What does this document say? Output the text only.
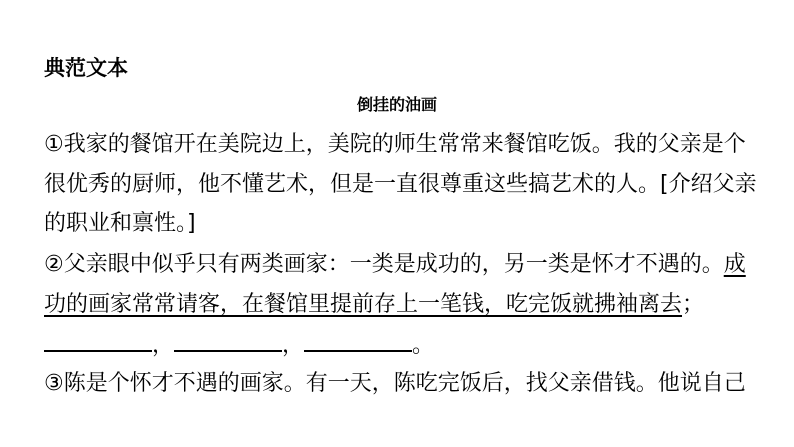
典范文本
倒挂的油画
①我家的餐馆开在美院边上，美院的师生常常来餐馆吃饭。我的父亲是个
很优秀的厨师，他不懂艺术，但是一直很尊重这些搞艺术的人。[介绍父亲
的职业和禀性。]
②父亲眼中似乎只有两类画家：一类是成功的，另一类是怀才不遇的。成
功的画家常常请客，在餐馆里提前存上一笔钱，吃完饭就拂袖离去；
，	，	。
③陈是个怀才不遇的画家。有一天，陈吃完饭后，找父亲借钱。他说自己
